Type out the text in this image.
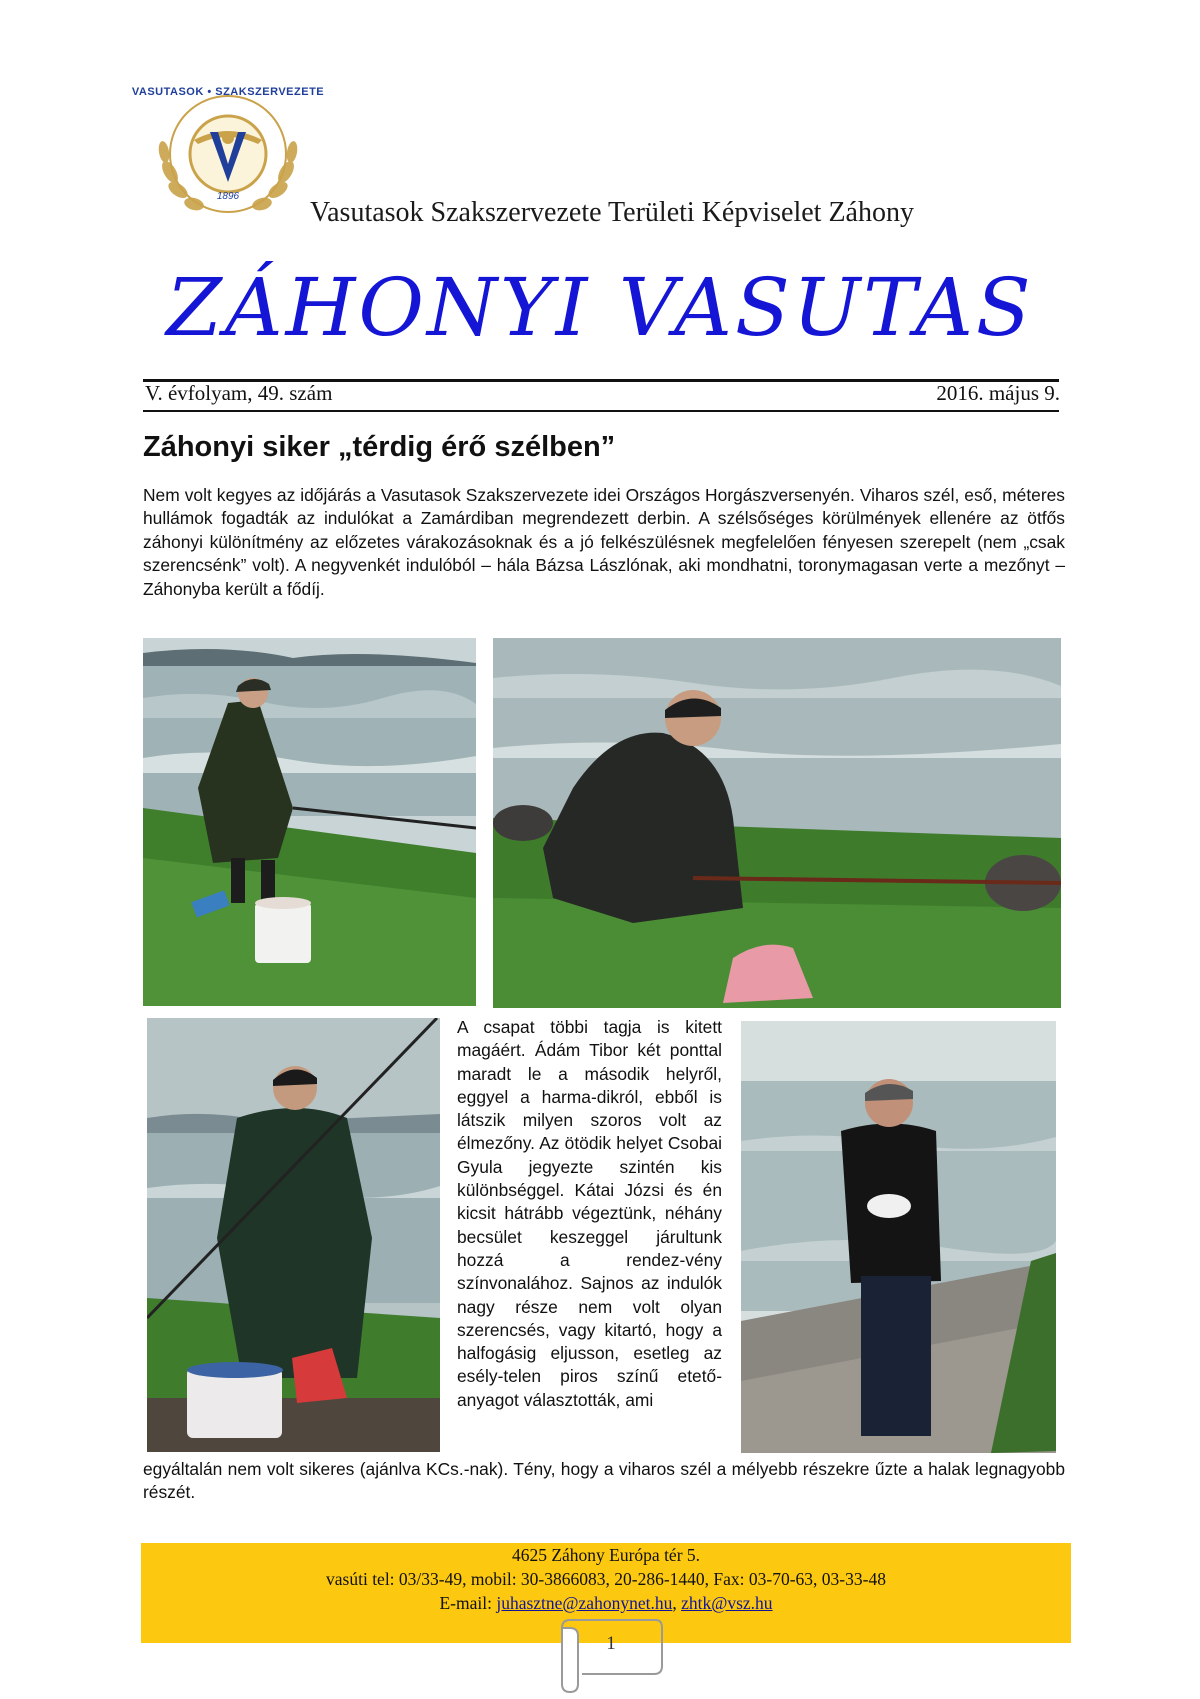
VASUTASOK • SZAKSZERVEZETE
1896
Vasutasok Szakszervezete Területi Képviselet Záhony
ZÁHONYI VASUTAS
V. évfolyam, 49. szám	2016. május 9.
Záhonyi siker „térdig érő szélben”
Nem volt kegyes az időjárás a Vasutasok Szakszervezete idei Országos Horgászversenyén. Viharos szél, eső, méteres hullámok fogadták az indulókat a Zamárdiban megrendezett derbin. A szélsőséges körülmények ellenére az ötfős záhonyi különítmény az előzetes várakozásoknak és a jó felkészülésnek megfelelően fényesen szerepelt (nem „csak szerencsénk” volt). A negyvenkét indulóból – hála Bázsa Lászlónak, aki mondhatni, toronymagasan verte a mezőnyt – Záhonyba került a fődíj.
A csapat többi tagja is kitett magáért. Ádám Tibor két ponttal maradt le a második helyről, eggyel a harma-dikról, ebből is látszik milyen szoros volt az élmezőny. Az ötödik helyet Csobai Gyula jegyezte szintén kis különbséggel. Kátai Józsi és én kicsit hátrább végeztünk, néhány becsület keszeggel járultunk hozzá a rendez-vény színvonalához. Sajnos az indulók nagy része nem volt olyan szerencsés, vagy kitartó, hogy a halfogásig eljusson, esetleg az esély-telen piros színű etető-anyagot választották, ami
egyáltalán nem volt sikeres (ajánlva KCs.-nak). Tény, hogy a viharos szél a mélyebb részekre űzte a halak legnagyobb részét.
4625 Záhony Európa tér 5.
vasúti tel: 03/33-49, mobil: 30-3866083, 20-286-1440, Fax: 03-70-63, 03-33-48
E-mail: juhasztne@zahonynet.hu, zhtk@vsz.hu
1
